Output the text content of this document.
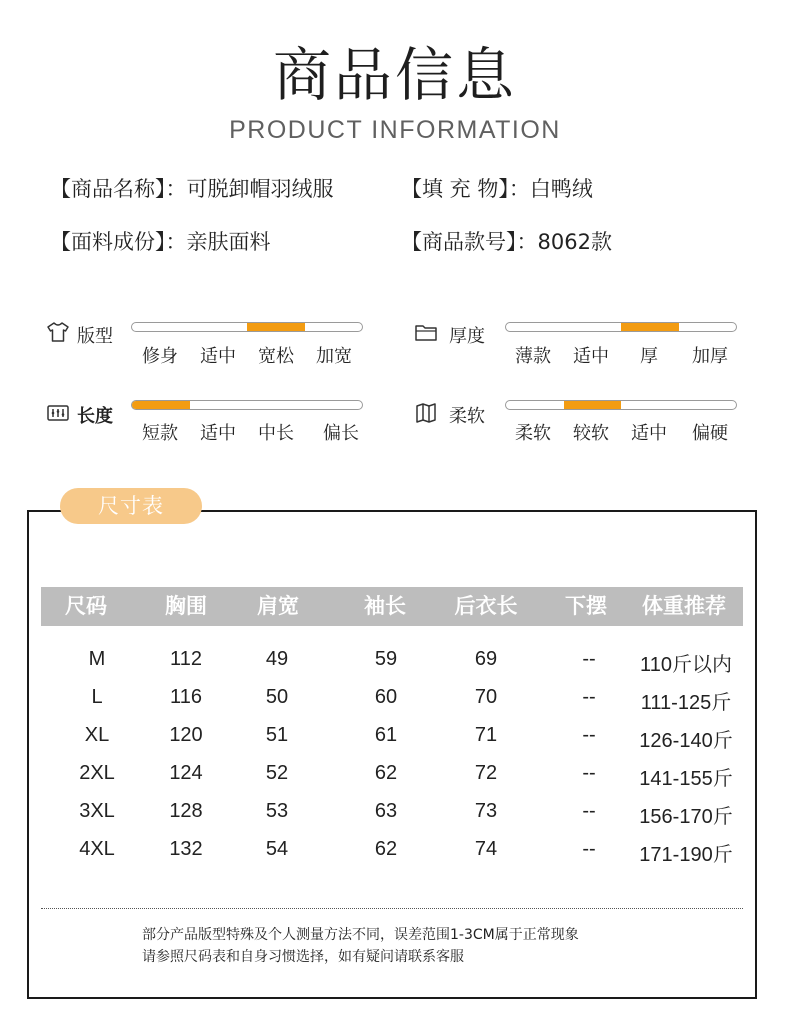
商品信息
PRODUCT INFORMATION
【商品名称】：可脱卸帽羽绒服	【填 充 物】：白鸭绒
【面料成份】：亲肤面料	【商品款号】：8062款
版型
修身 适中 宽松 加宽
厚度
薄款 适中 厚 加厚
长度
短款 适中 中长 偏长
柔软
柔软 较软 适中 偏硬
尺寸表
尺码	胸围 肩宽	袖长 后衣长 下摆 体重推荐
M	112	49	59	69	-- 110斤以内
L	116	50	60	70	-- 111-125斤
XL	120	51	61	71	-- 126-140斤
2XL	124	52	62	72	-- 141-155斤
3XL	128	53	63	73	-- 156-170斤
4XL	132	54	62	74	-- 171-190斤
部分产品版型特殊及个人测量方法不同，误差范围1-3CM属于正常现象
请参照尺码表和自身习惯选择，如有疑问请联系客服
